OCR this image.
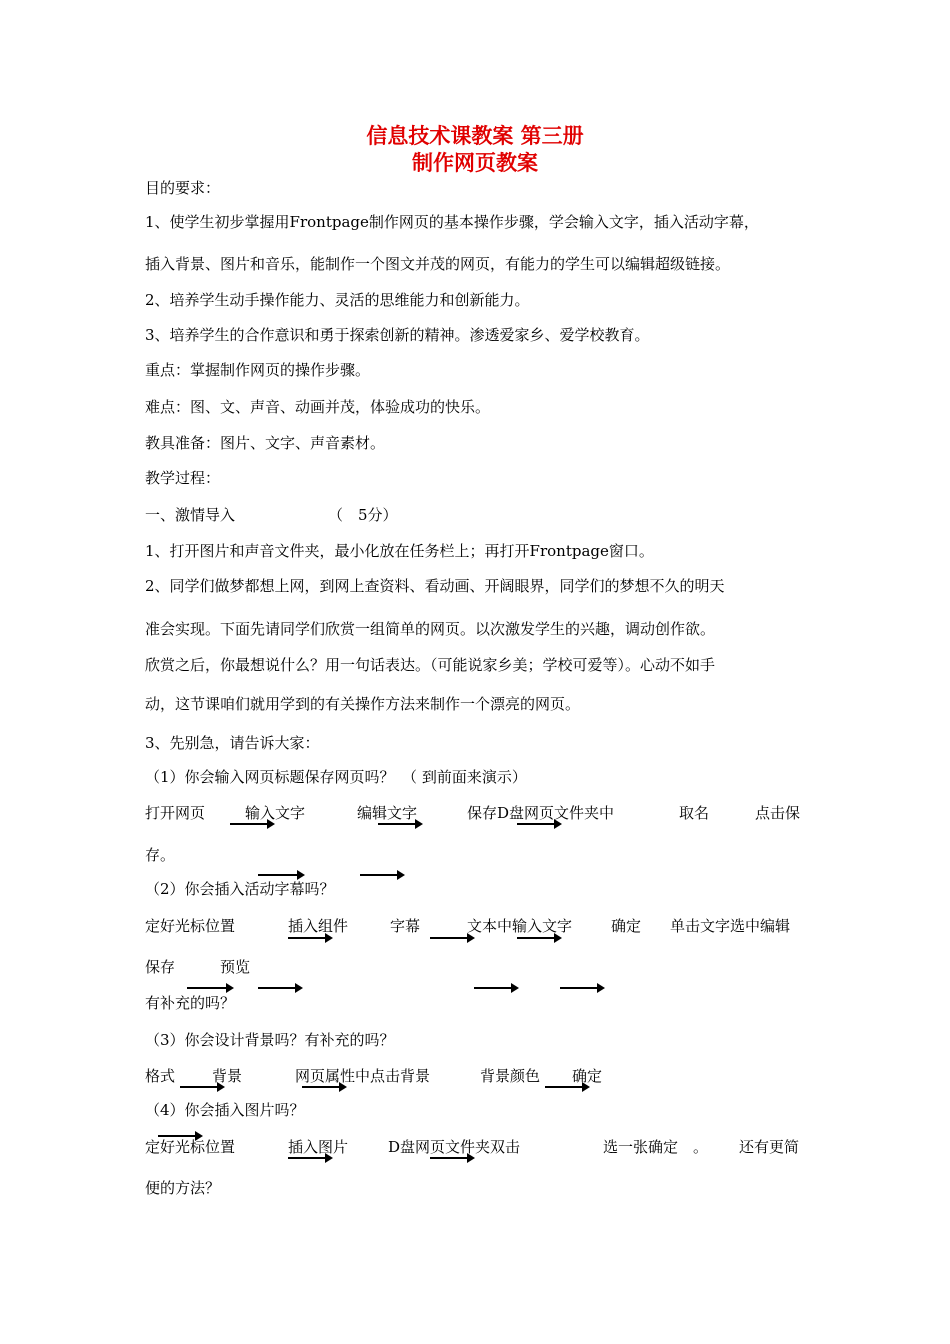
信息技术课教案 第三册
制作网页教案
目的要求：
1、使学生初步掌握用Frontpage制作网页的基本操作步骤，学会输入文字，插入活动字幕，
插入背景、图片和音乐，能制作一个图文并茂的网页，有能力的学生可以编辑超级链接。
2、培养学生动手操作能力、灵活的思维能力和创新能力。
3、培养学生的合作意识和勇于探索创新的精神。渗透爱家乡、爱学校教育。
重点：掌握制作网页的操作步骤。
难点：图、文、声音、动画并茂，体验成功的快乐。
教具准备：图片、文字、声音素材。
教学过程：
一、激情导入	（　5分）
1、打开图片和声音文件夹，最小化放在任务栏上；再打开Frontpage窗口。
2、同学们做梦都想上网，到网上查资料、看动画、开阔眼界，同学们的梦想不久的明天
准会实现。下面先请同学们欣赏一组简单的网页。以次激发学生的兴趣，调动创作欲。
欣赏之后，你最想说什么？用一句话表达。（可能说家乡美；学校可爱等）。心动不如手
动，这节课咱们就用学到的有关操作方法来制作一个漂亮的网页。
3、先别急，请告诉大家：
（1）你会输入网页标题保存网页吗？　（ 到前面来演示）
打开网页	输入文字	编辑文字	保存D盘网页文件夹中	取名	点击保
存。
（2）你会插入活动字幕吗？
定好光标位置	插入组件	字幕	文本中输入文字	确定 单击文字选中编辑
保存	预览
有补充的吗？
（3）你会设计背景吗？有补充的吗？
格式 背景	网页属性中点击背景	背景颜色 确定
（4）你会插入图片吗？
定好光标位置	插入图片	D盘网页文件夹双击	选一张确定　。 还有更简
便的方法？
